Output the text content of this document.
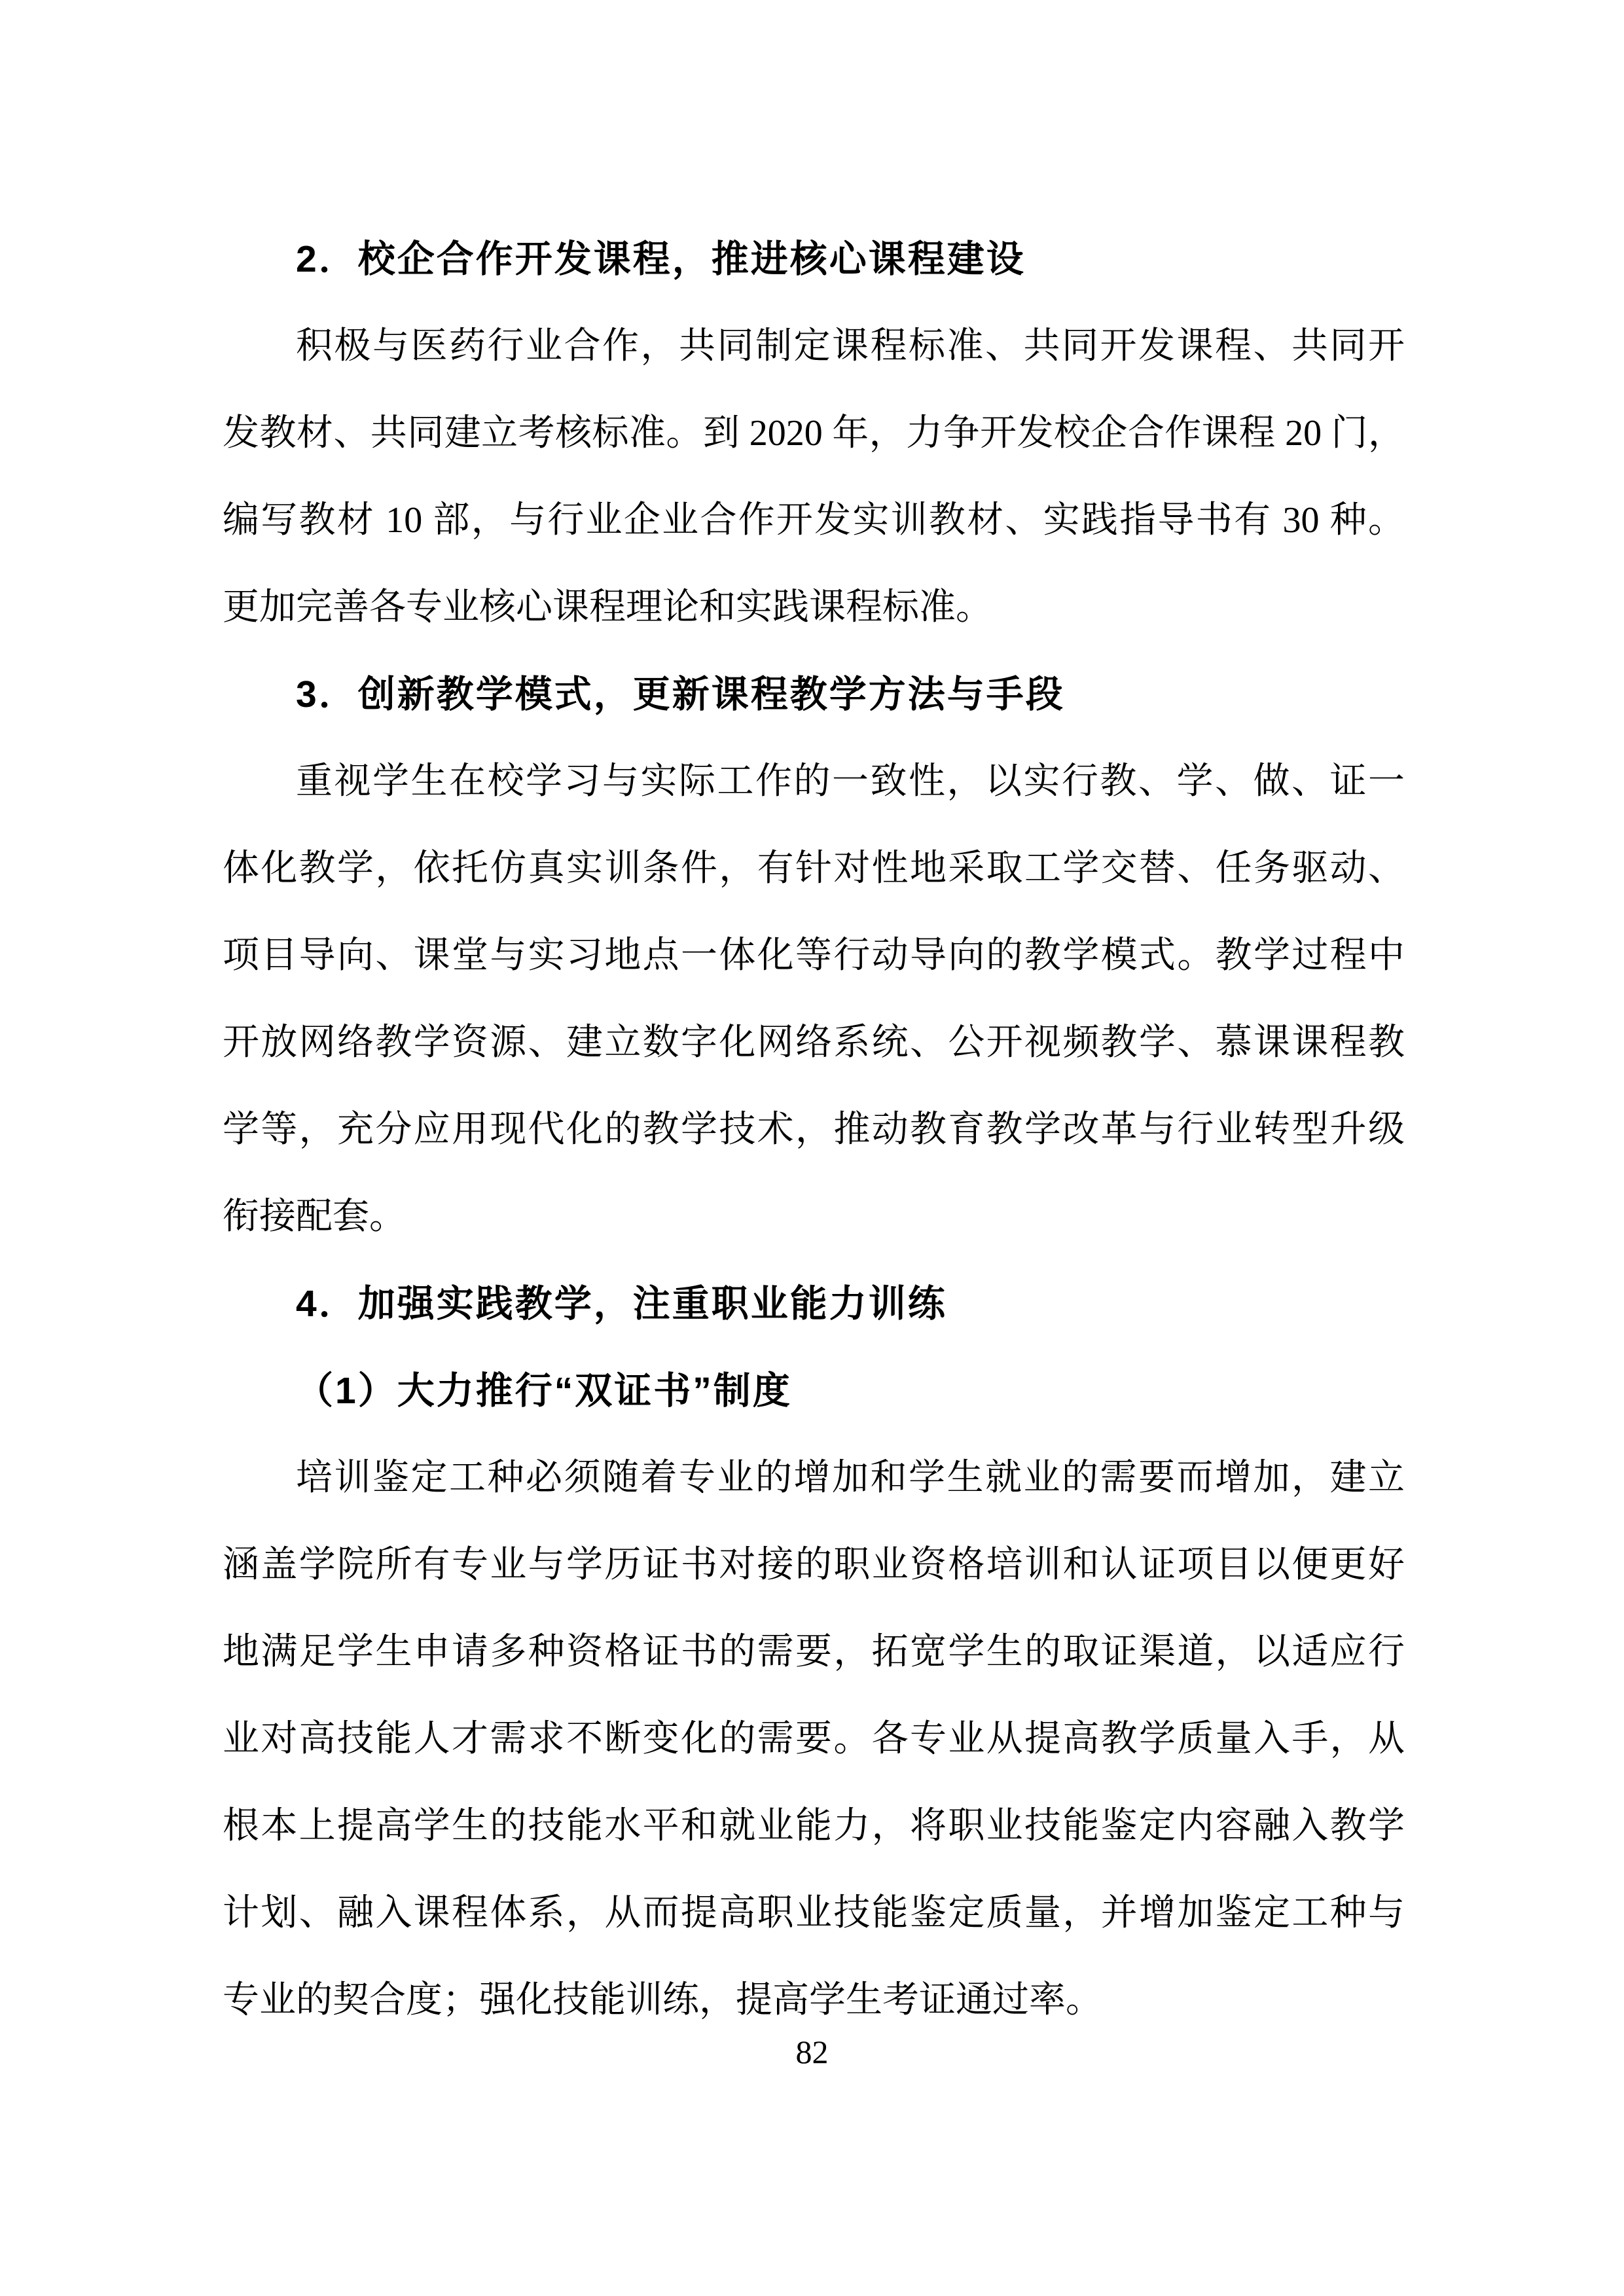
2．校企合作开发课程，推进核心课程建设
积极与医药行业合作，共同制定课程标准、共同开发课程、共同开
发教材、共同建立考核标准。到 2020 年，力争开发校企合作课程 20 门，
编写教材 10 部，与行业企业合作开发实训教材、实践指导书有 30 种。
更加完善各专业核心课程理论和实践课程标准。
3．创新教学模式，更新课程教学方法与手段
重视学生在校学习与实际工作的一致性，以实行教、学、做、证一
体化教学，依托仿真实训条件，有针对性地采取工学交替、任务驱动、
项目导向、课堂与实习地点一体化等行动导向的教学模式。教学过程中
开放网络教学资源、建立数字化网络系统、公开视频教学、慕课课程教
学等，充分应用现代化的教学技术，推动教育教学改革与行业转型升级
衔接配套。
4．加强实践教学，注重职业能力训练
（1）大力推行“双证书”制度
培训鉴定工种必须随着专业的增加和学生就业的需要而增加，建立
涵盖学院所有专业与学历证书对接的职业资格培训和认证项目以便更好
地满足学生申请多种资格证书的需要，拓宽学生的取证渠道，以适应行
业对高技能人才需求不断变化的需要。各专业从提高教学质量入手，从
根本上提高学生的技能水平和就业能力，将职业技能鉴定内容融入教学
计划、融入课程体系，从而提高职业技能鉴定质量，并增加鉴定工种与
专业的契合度；强化技能训练，提高学生考证通过率。
82
